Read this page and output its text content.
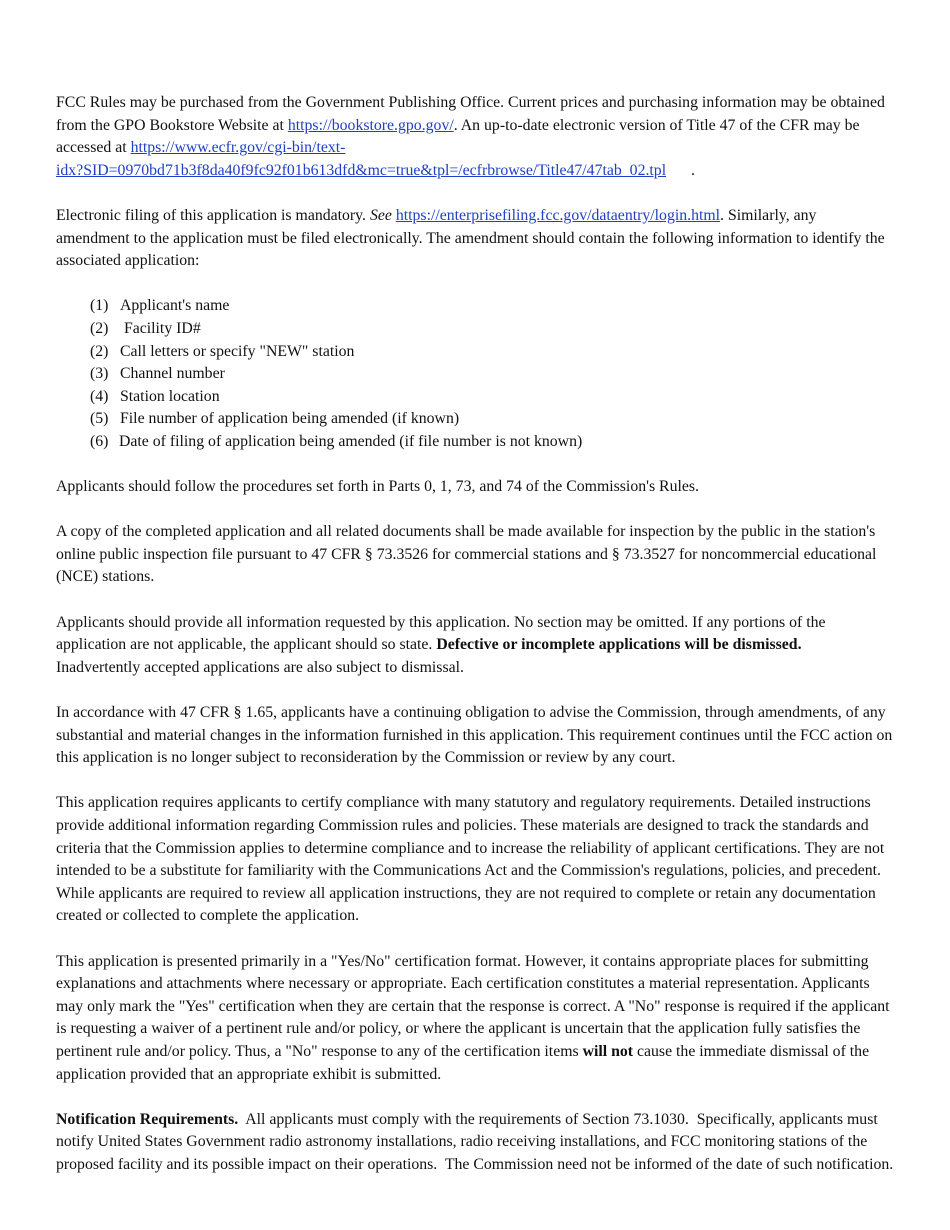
FCC Rules may be purchased from the Government Publishing Office. Current prices and purchasing information may be obtained from the GPO Bookstore Website at https://bookstore.gpo.gov/. An up-to-date electronic version of Title 47 of the CFR may be accessed at https://www.ecfr.gov/cgi-bin/text-
idx?SID=0970bd71b3f8da40f9fc92f01b613dfd&mc=true&tpl=/ecfrbrowse/Title47/47tab_02.tpl	.

Electronic filing of this application is mandatory. See https://enterprisefiling.fcc.gov/dataentry/login.html. Similarly, any amendment to the application must be filed electronically. The amendment should contain the following information to identify the associated application:

(1) Applicant's name
(2) Facility ID#
(2) Call letters or specify "NEW" station
(3) Channel number
(4) Station location
(5) File number of application being amended (if known)
(6) Date of filing of application being amended (if file number is not known)

Applicants should follow the procedures set forth in Parts 0, 1, 73, and 74 of the Commission's Rules.

A copy of the completed application and all related documents shall be made available for inspection by the public in the station's online public inspection file pursuant to 47 CFR § 73.3526 for commercial stations and § 73.3527 for noncommercial educational (NCE) stations.

Applicants should provide all information requested by this application. No section may be omitted. If any portions of the application are not applicable, the applicant should so state. Defective or incomplete applications will be dismissed.
Inadvertently accepted applications are also subject to dismissal.

In accordance with 47 CFR § 1.65, applicants have a continuing obligation to advise the Commission, through amendments, of any substantial and material changes in the information furnished in this application. This requirement continues until the FCC action on this application is no longer subject to reconsideration by the Commission or review by any court.

This application requires applicants to certify compliance with many statutory and regulatory requirements. Detailed instructions provide additional information regarding Commission rules and policies. These materials are designed to track the standards and criteria that the Commission applies to determine compliance and to increase the reliability of applicant certifications. They are not intended to be a substitute for familiarity with the Communications Act and the Commission's regulations, policies, and precedent. While applicants are required to review all application instructions, they are not required to complete or retain any documentation created or collected to complete the application.

This application is presented primarily in a "Yes/No" certification format. However, it contains appropriate places for submitting explanations and attachments where necessary or appropriate. Each certification constitutes a material representation. Applicants may only mark the "Yes" certification when they are certain that the response is correct. A "No" response is required if the applicant is requesting a waiver of a pertinent rule and/or policy, or where the applicant is uncertain that the application fully satisfies the pertinent rule and/or policy. Thus, a "No" response to any of the certification items will not cause the immediate dismissal of the application provided that an appropriate exhibit is submitted.

Notification Requirements.  All applicants must comply with the requirements of Section 73.1030.  Specifically, applicants must notify United States Government radio astronomy installations, radio receiving installations, and FCC monitoring stations of the proposed facility and its possible impact on their operations.  The Commission need not be informed of the date of such notification.
